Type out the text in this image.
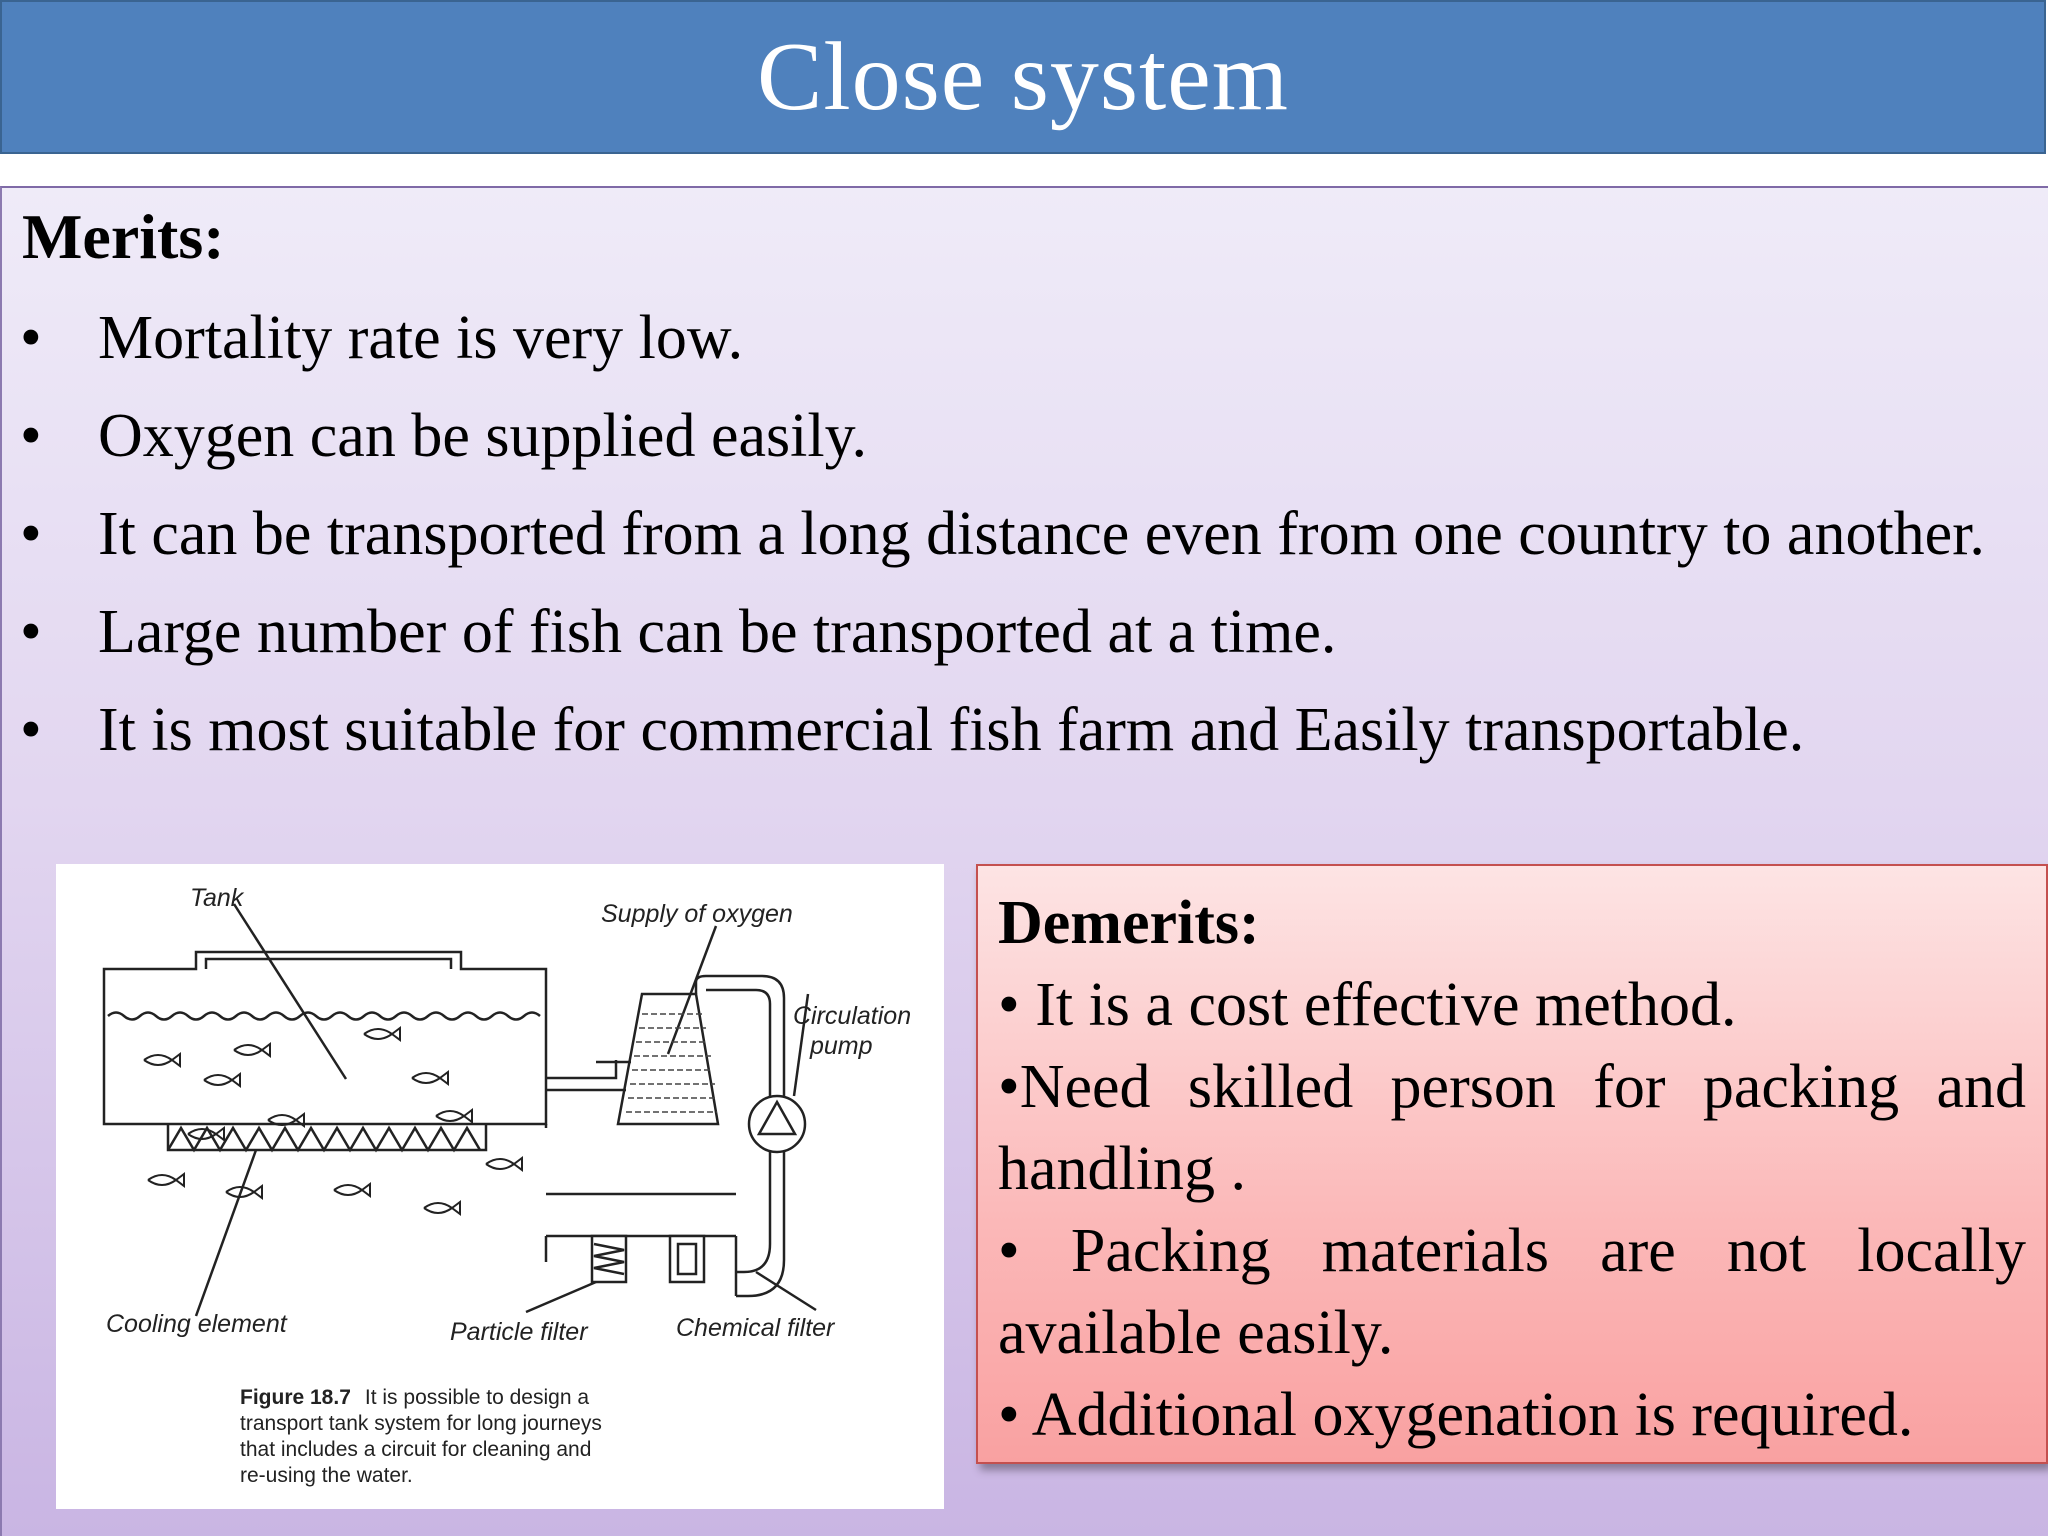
Close system
Merits:
• Mortality rate is very low.
• Oxygen can be supplied easily.
• It can be transported from a long distance even from one country to another.
• Large number of fish can be transported at a time.
• It is most suitable for commercial fish farm and Easily transportable.
Tank
Supply of oxygen
Circulation
pump
Chemical filter
Cooling element	Particle filter
Figure 18.7 It is possible to design a
transport tank system for long journeys
that includes a circuit for cleaning and
re-using the water.
Demerits:

• It is a cost effective method.

•Need skilled person for packing and handling .

• Packing materials are not locally available easily.

• Additional oxygenation is required.
